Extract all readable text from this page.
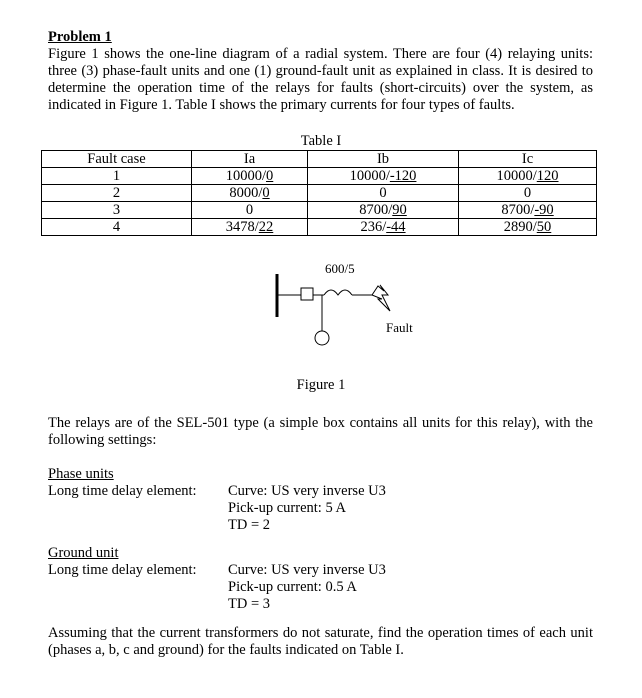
Problem 1

Figure 1 shows the one-line diagram of a radial system. There are four (4) relaying units: three (3) phase-fault units and one (1) ground-fault unit as explained in class. It is desired to determine the operation time of the relays for faults (short-circuits) over the system, as indicated in Figure 1. Table I shows the primary currents for four types of faults.

Table I

Fault case	Ia	Ib	Ic
1	10000/0	10000/-120	10000/120
2	8000/0	0	0
3	0	8700/90	8700/-90
4	3478/22	236/-44	2890/50
600/5
Fault

Figure 1

The relays are of the SEL-501 type (a simple box contains all units for this relay), with the following settings:

Phase units

Long time delay element: Curve: US very inverse U3

Pick-up current: 5 A

TD = 2

Ground unit

Long time delay element: Curve: US very inverse U3

Pick-up current: 0.5 A

TD = 3

Assuming that the current transformers do not saturate, find the operation times of each unit (phases a, b, c and ground) for the faults indicated on Table I.
